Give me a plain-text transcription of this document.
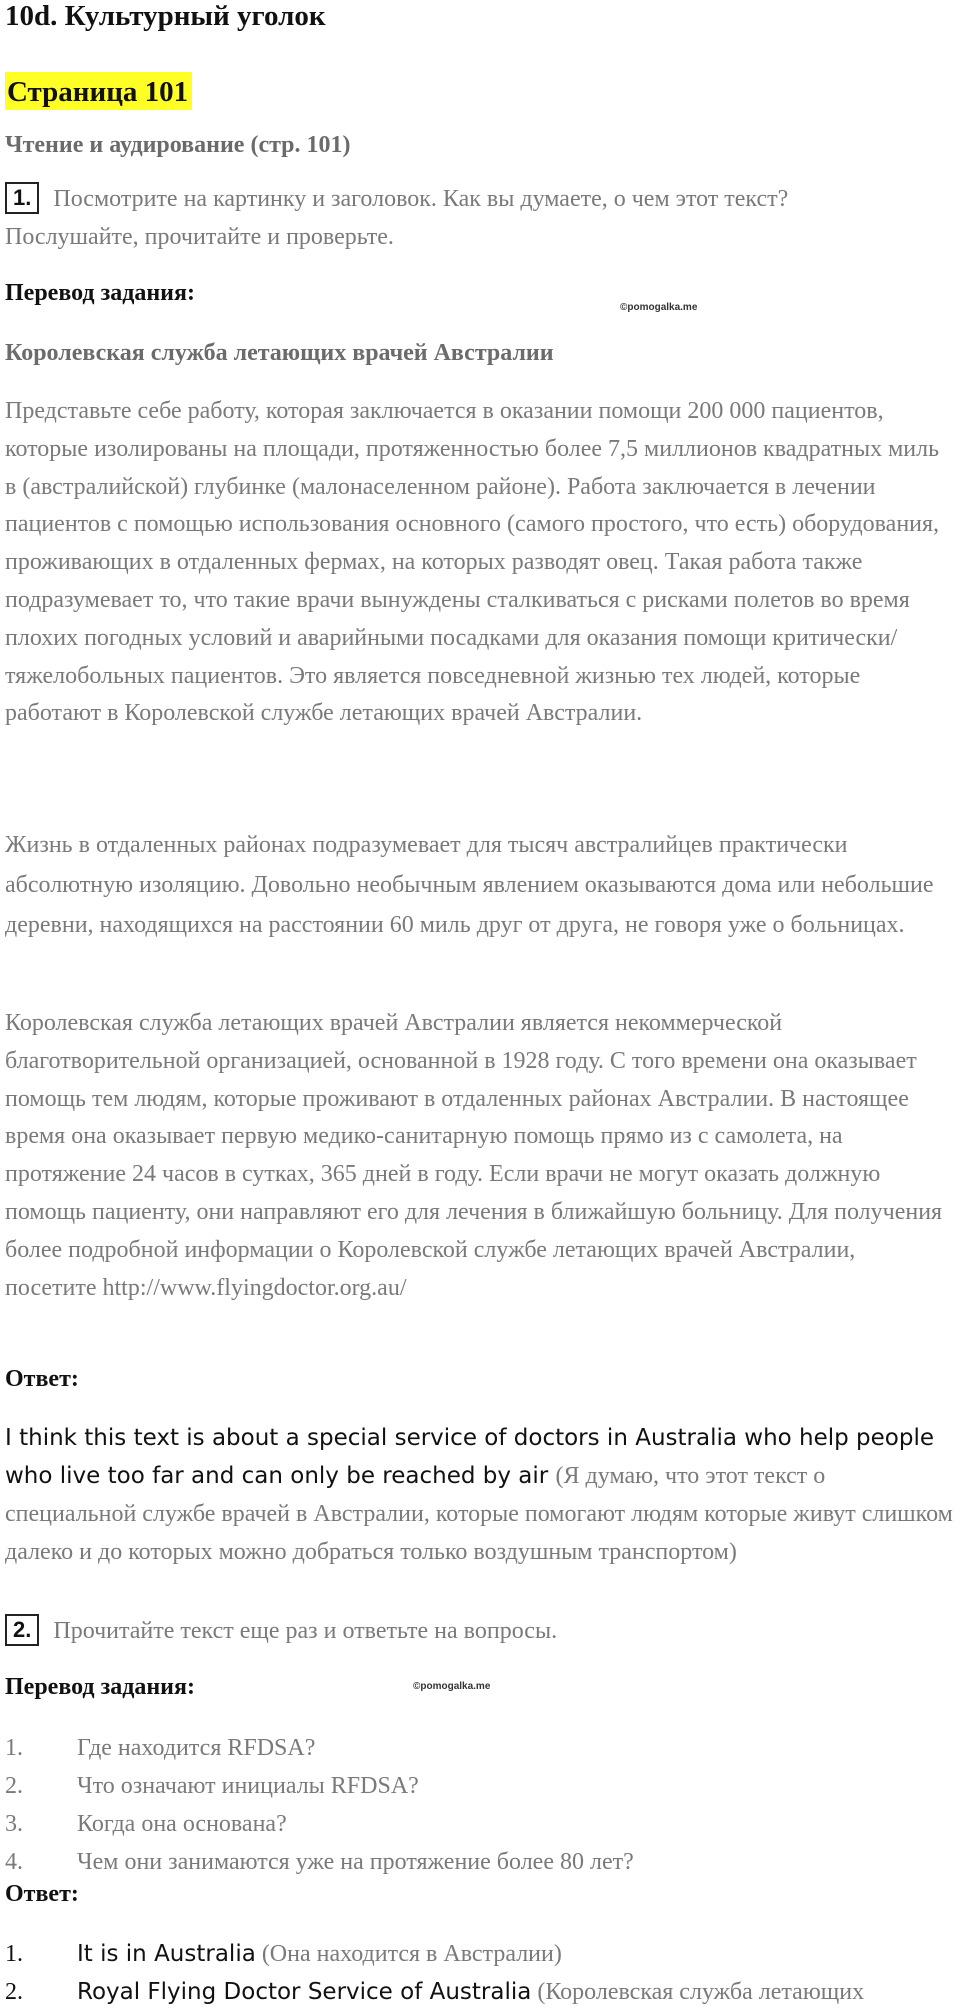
10d. Культурный уголок
Страница 101
Чтение и аудирование (стр. 101)
1. Посмотрите на картинку и заголовок. Как вы думаете, о чем этот текст?
Послушайте, прочитайте и проверьте.
Перевод задания:
©pomogalka.me
Королевская служба летающих врачей Австралии
Представьте себе работу, которая заключается в оказании помощи 200 000 пациентов, которые изолированы на площади, протяженностью более 7,5 миллионов квадратных миль в (австралийской) глубинке (малонаселенном районе). Работа заключается в лечении пациентов с помощью использования основного (самого простого, что есть) оборудования, проживающих в отдаленных фермах, на которых разводят овец. Такая работа также подразумевает то, что такие врачи вынуждены сталкиваться с рисками полетов во время плохих погодных условий и аварийными посадками для оказания помощи критически/тяжелобольных пациентов. Это является повседневной жизнью тех людей, которые работают в Королевской службе летающих врачей Австралии.
Жизнь в отдаленных районах подразумевает для тысяч австралийцев практически абсолютную изоляцию. Довольно необычным явлением оказываются дома или небольшие деревни, находящихся на расстоянии 60 миль друг от друга, не говоря уже о больницах.
Королевская служба летающих врачей Австралии является некоммерческой благотворительной организацией, основанной в 1928 году. С того времени она оказывает помощь тем людям, которые проживают в отдаленных районах Австралии. В настоящее время она оказывает первую медико-санитарную помощь прямо из с самолета, на протяжение 24 часов в сутках, 365 дней в году. Если врачи не могут оказать должную помощь пациенту, они направляют его для лечения в ближайшую больницу. Для получения более подробной информации о Королевской службе летающих врачей Австралии, посетите http://www.flyingdoctor.org.au/
Ответ:
I think this text is about a special service of doctors in Australia who help people who live too far and can only be reached by air (Я думаю, что этот текст о специальной службе врачей в Австралии, которые помогают людям которые живут слишком далеко и до которых можно добраться только воздушным транспортом)
2. Прочитайте текст еще раз и ответьте на вопросы.
Перевод задания:	©pomogalka.me
1.	Где находится RFDSA?
2.	Что означают инициалы RFDSA?
3.	Когда она основана?
4.	Чем они занимаются уже на протяжение более 80 лет?
Ответ:
1.	It is in Australia
(Она находится в Австралии)
2.	Royal Flying Doctor Service of Australia
(Королевская служба летающих
